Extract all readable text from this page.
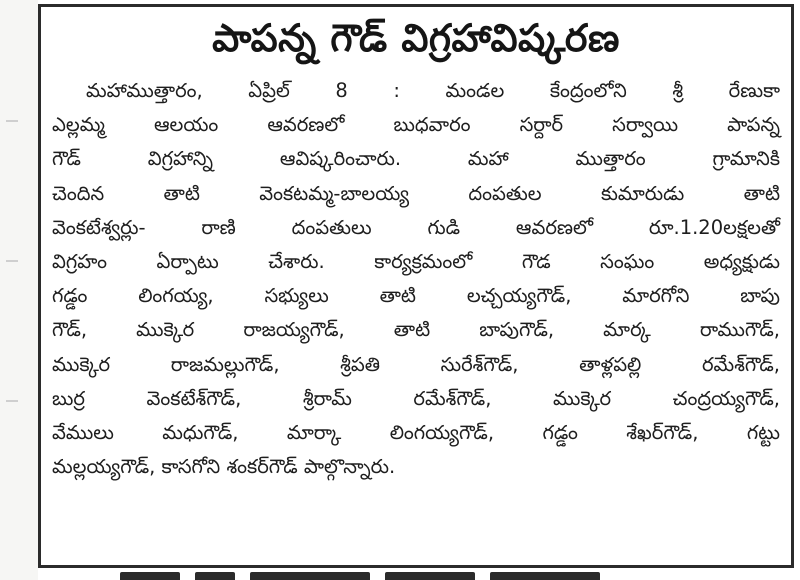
పాపన్న గౌడ్ విగ్రహావిష్కరణ
మహాముత్తారం, ఏప్రిల్ 8 : మండల కేంద్రంలోని శ్రీ రేణుకా
ఎల్లమ్మ ఆలయం ఆవరణలో బుధవారం సర్దార్ సర్వాయి పాపన్న
గౌడ్ విగ్రహాన్ని ఆవిష్కరించారు. మహా ముత్తారం గ్రామానికి
చెందిన తాటి వెంకటమ్మ-బాలయ్య దంపతుల కుమారుడు తాటి
వెంకటేశ్వర్లు- రాణి దంపతులు గుడి ఆవరణలో రూ.1.20లక్షలతో
విగ్రహం ఏర్పాటు చేశారు. కార్యక్రమంలో గౌడ సంఘం అధ్యక్షుడు
గడ్డం లింగయ్య, సభ్యులు తాటి లచ్చయ్యగౌడ్, మారగోని బాపు
గౌడ్, ముక్కెర రాజయ్యగౌడ్, తాటి బాపుగౌడ్, మార్క రాముగౌడ్,
ముక్కెర రాజమల్లుగౌడ్, శ్రీపతి సురేశ్‌గౌడ్, తాళ్లపల్లి రమేశ్‌గౌడ్,
బుర్ర వెంకటేశ్‌గౌడ్, శ్రీరామ్ రమేశ్‌గౌడ్, ముక్కెర చంద్రయ్యగౌడ్,
వేములు మధుగౌడ్, మార్కా లింగయ్యగౌడ్, గడ్డం శేఖర్‌గౌడ్, గట్టు
మల్లయ్యగౌడ్, కాసగోని శంకర్‌గౌడ్ పాల్గొన్నారు.
